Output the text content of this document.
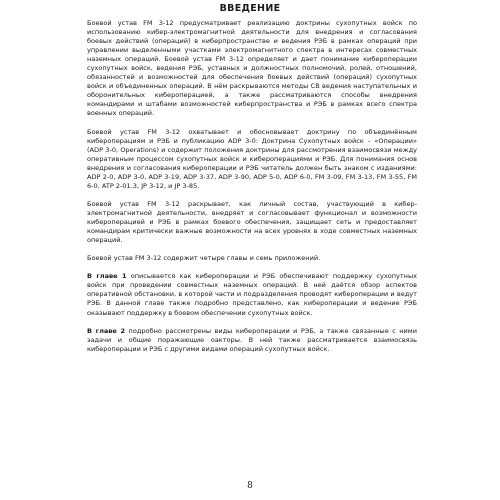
ВВЕДЕНИЕ

Боевой устав FM 3-12 предусматривает реализацию доктрины сухопутных войск по использованию кибер-электромагнитной деятельности для внедрения и согласования боевых действий (операций) в киберпространстве и ведения РЭБ в рамках операций при управлении выделенными участками электромагнитного спектра в интересах совместных наземных операций. Боевой устав FM 3-12 определяет и дает понимание кибероперации сухопутных войск, ведения РЭБ, уставных и должностных полномочий, ролей, отношений, обязанностей и возможностей для обеспечения боевых действий (операций) сухопутных войск и объединенных операций. В нём раскрываются методы СВ ведения наступательных и оборонительных кибероперацией, а также рассматриваются способы внедрения командирами и штабами возможностей киберпространства и РЭБ в рамках всего спектра военных операций.

Боевой устав FM 3-12 охватывает и обосновывает доктрину по объединённым кибероперациям и РЭБ и публикацию ADP 3-0: Доктрина Сухопутных войск – «Операции» (ADP 3-0, Operations) и содержит положения доктрины для рассмотрения взаимосвязи между оперативным процессом сухопутных войск и кибероперациями и РЭБ. Для понимания основ внедрения и согласования кибероперации и РЭБ читатель должен быть знаком с изданиями: ADP 2-0, ADP 3-0, ADP 3-19, ADP 3-37, ADP 3-90, ADP 5-0, ADP 6-0, FM 3-09, FM 3-13, FM 3-55, FM 6-0, ATP 2-01.3, JP 3-12, и JP 3-85.

Боевой устав FM 3-12 раскрывает, как личный состав, участвующий в кибер-электромагнитной деятельности, внедряет и согласовывает функционал и возможности кибероперацией и РЭБ в рамках боевого обеспечения, защищает сеть и предоставляет командирам критически важные возможности на всех уровнях в ходе совместных наземных операций.

Боевой устав FM 3-12 содержит четыре главы и семь приложений.

В главе 1 описывается как кибероперации и РЭБ обеспечивают поддержку сухопутных войск при проведении совместных наземных операций. В ней даётся обзор аспектов оперативной обстановки, в которой части и подразделения проводят кибероперации и ведут РЭБ. В данной главе также подробно представлено, как кибероперации и ведение РЭБ оказывают поддержку в боевом обеспечении сухопутных войск.

В главе 2 подробно рассмотрены виды кибероперации и РЭБ, а также связанные с ними задачи и общие поражающие оакторы. В ней также рассматривается взаимосвязь кибероперации и РЭБ с другими видами операций сухопутных войск.

8
